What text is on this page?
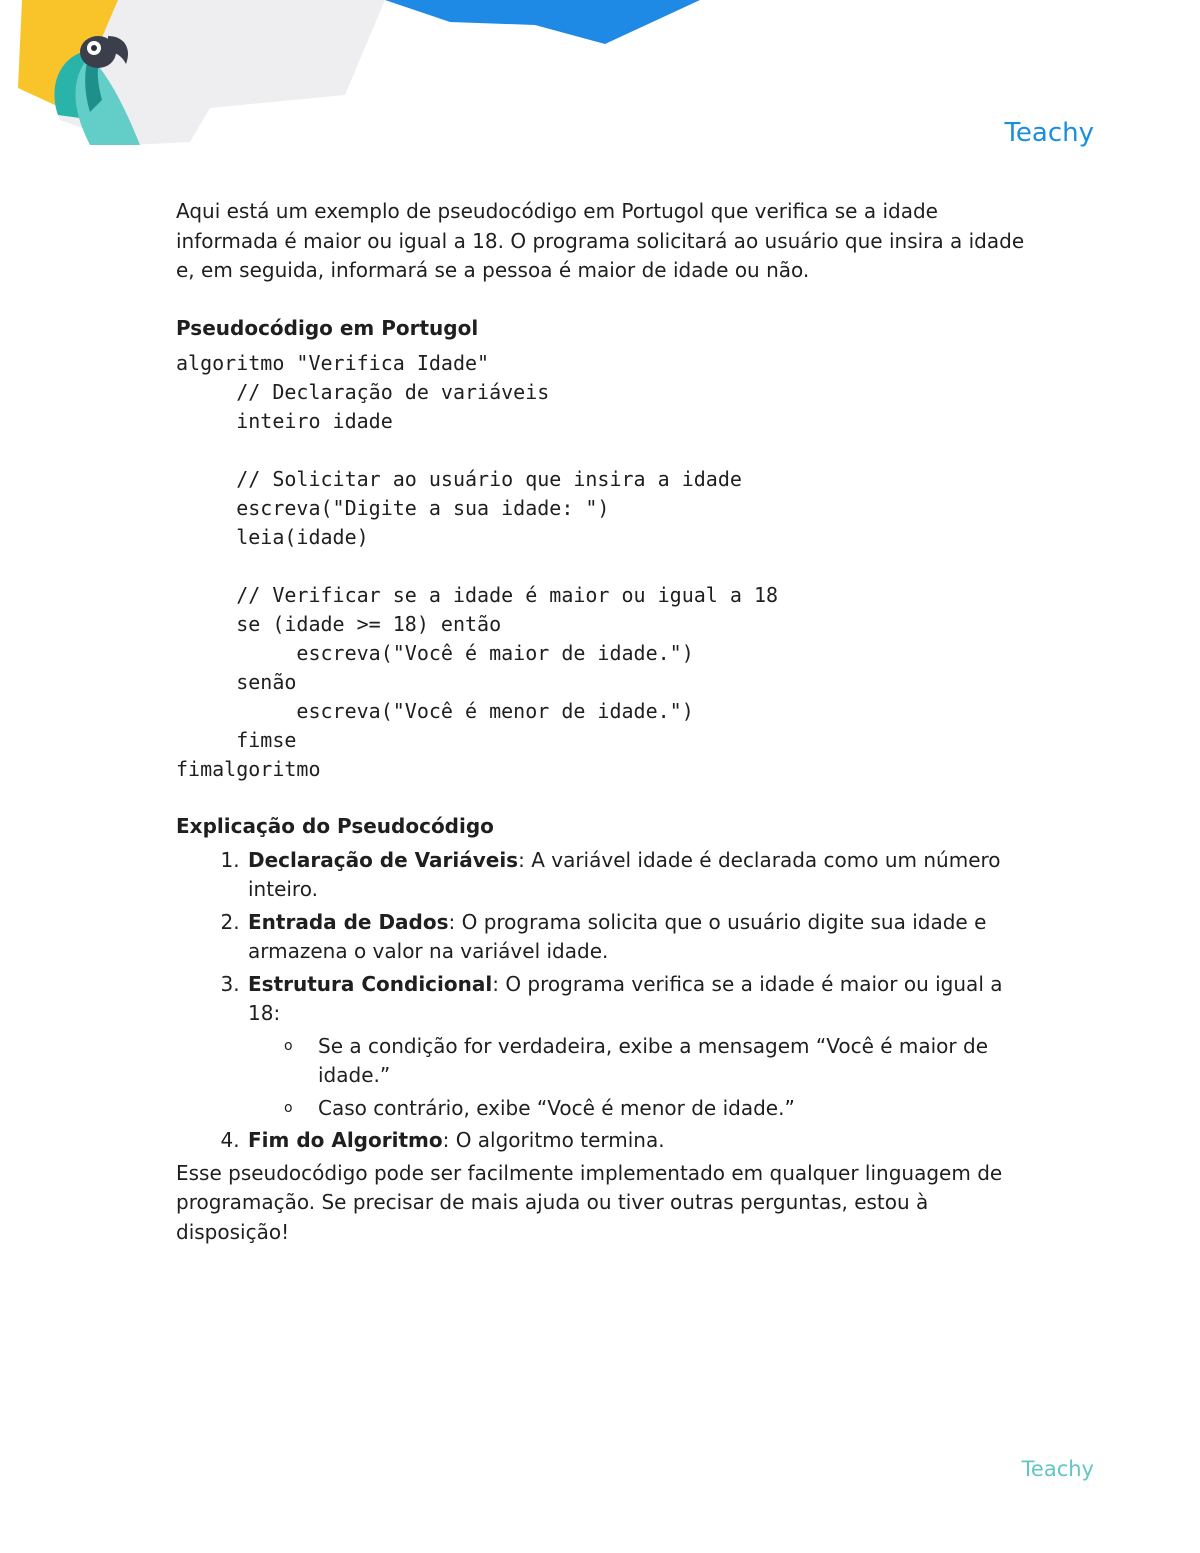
Teachy

Aqui está um exemplo de pseudocódigo em Portugol que verifica se a idade informada é maior ou igual a 18. O programa solicitará ao usuário que insira a idade e, em seguida, informará se a pessoa é maior de idade ou não.

Pseudocódigo em Portugol

algoritmo "Verifica Idade"
// Declaração de variáveis
inteiro idade

// Solicitar ao usuário que insira a idade
escreva("Digite a sua idade: ")
leia(idade)

// Verificar se a idade é maior ou igual a 18
se (idade >= 18) então
escreva("Você é maior de idade.")
senão
escreva("Você é menor de idade.")
fimse
fimalgoritmo

Explicação do Pseudocódigo

1. Declaração de Variáveis: A variável idade é declarada como um número inteiro.
2. Entrada de Dados: O programa solicita que o usuário digite sua idade e armazena o valor na variável idade.
3. Estrutura Condicional: O programa verifica se a idade é maior ou igual a 18:
o Se a condição for verdadeira, exibe a mensagem “Você é maior de idade.”
o Caso contrário, exibe “Você é menor de idade.”
4. Fim do Algoritmo: O algoritmo termina.

Esse pseudocódigo pode ser facilmente implementado em qualquer linguagem de programação. Se precisar de mais ajuda ou tiver outras perguntas, estou à disposição!

Teachy
